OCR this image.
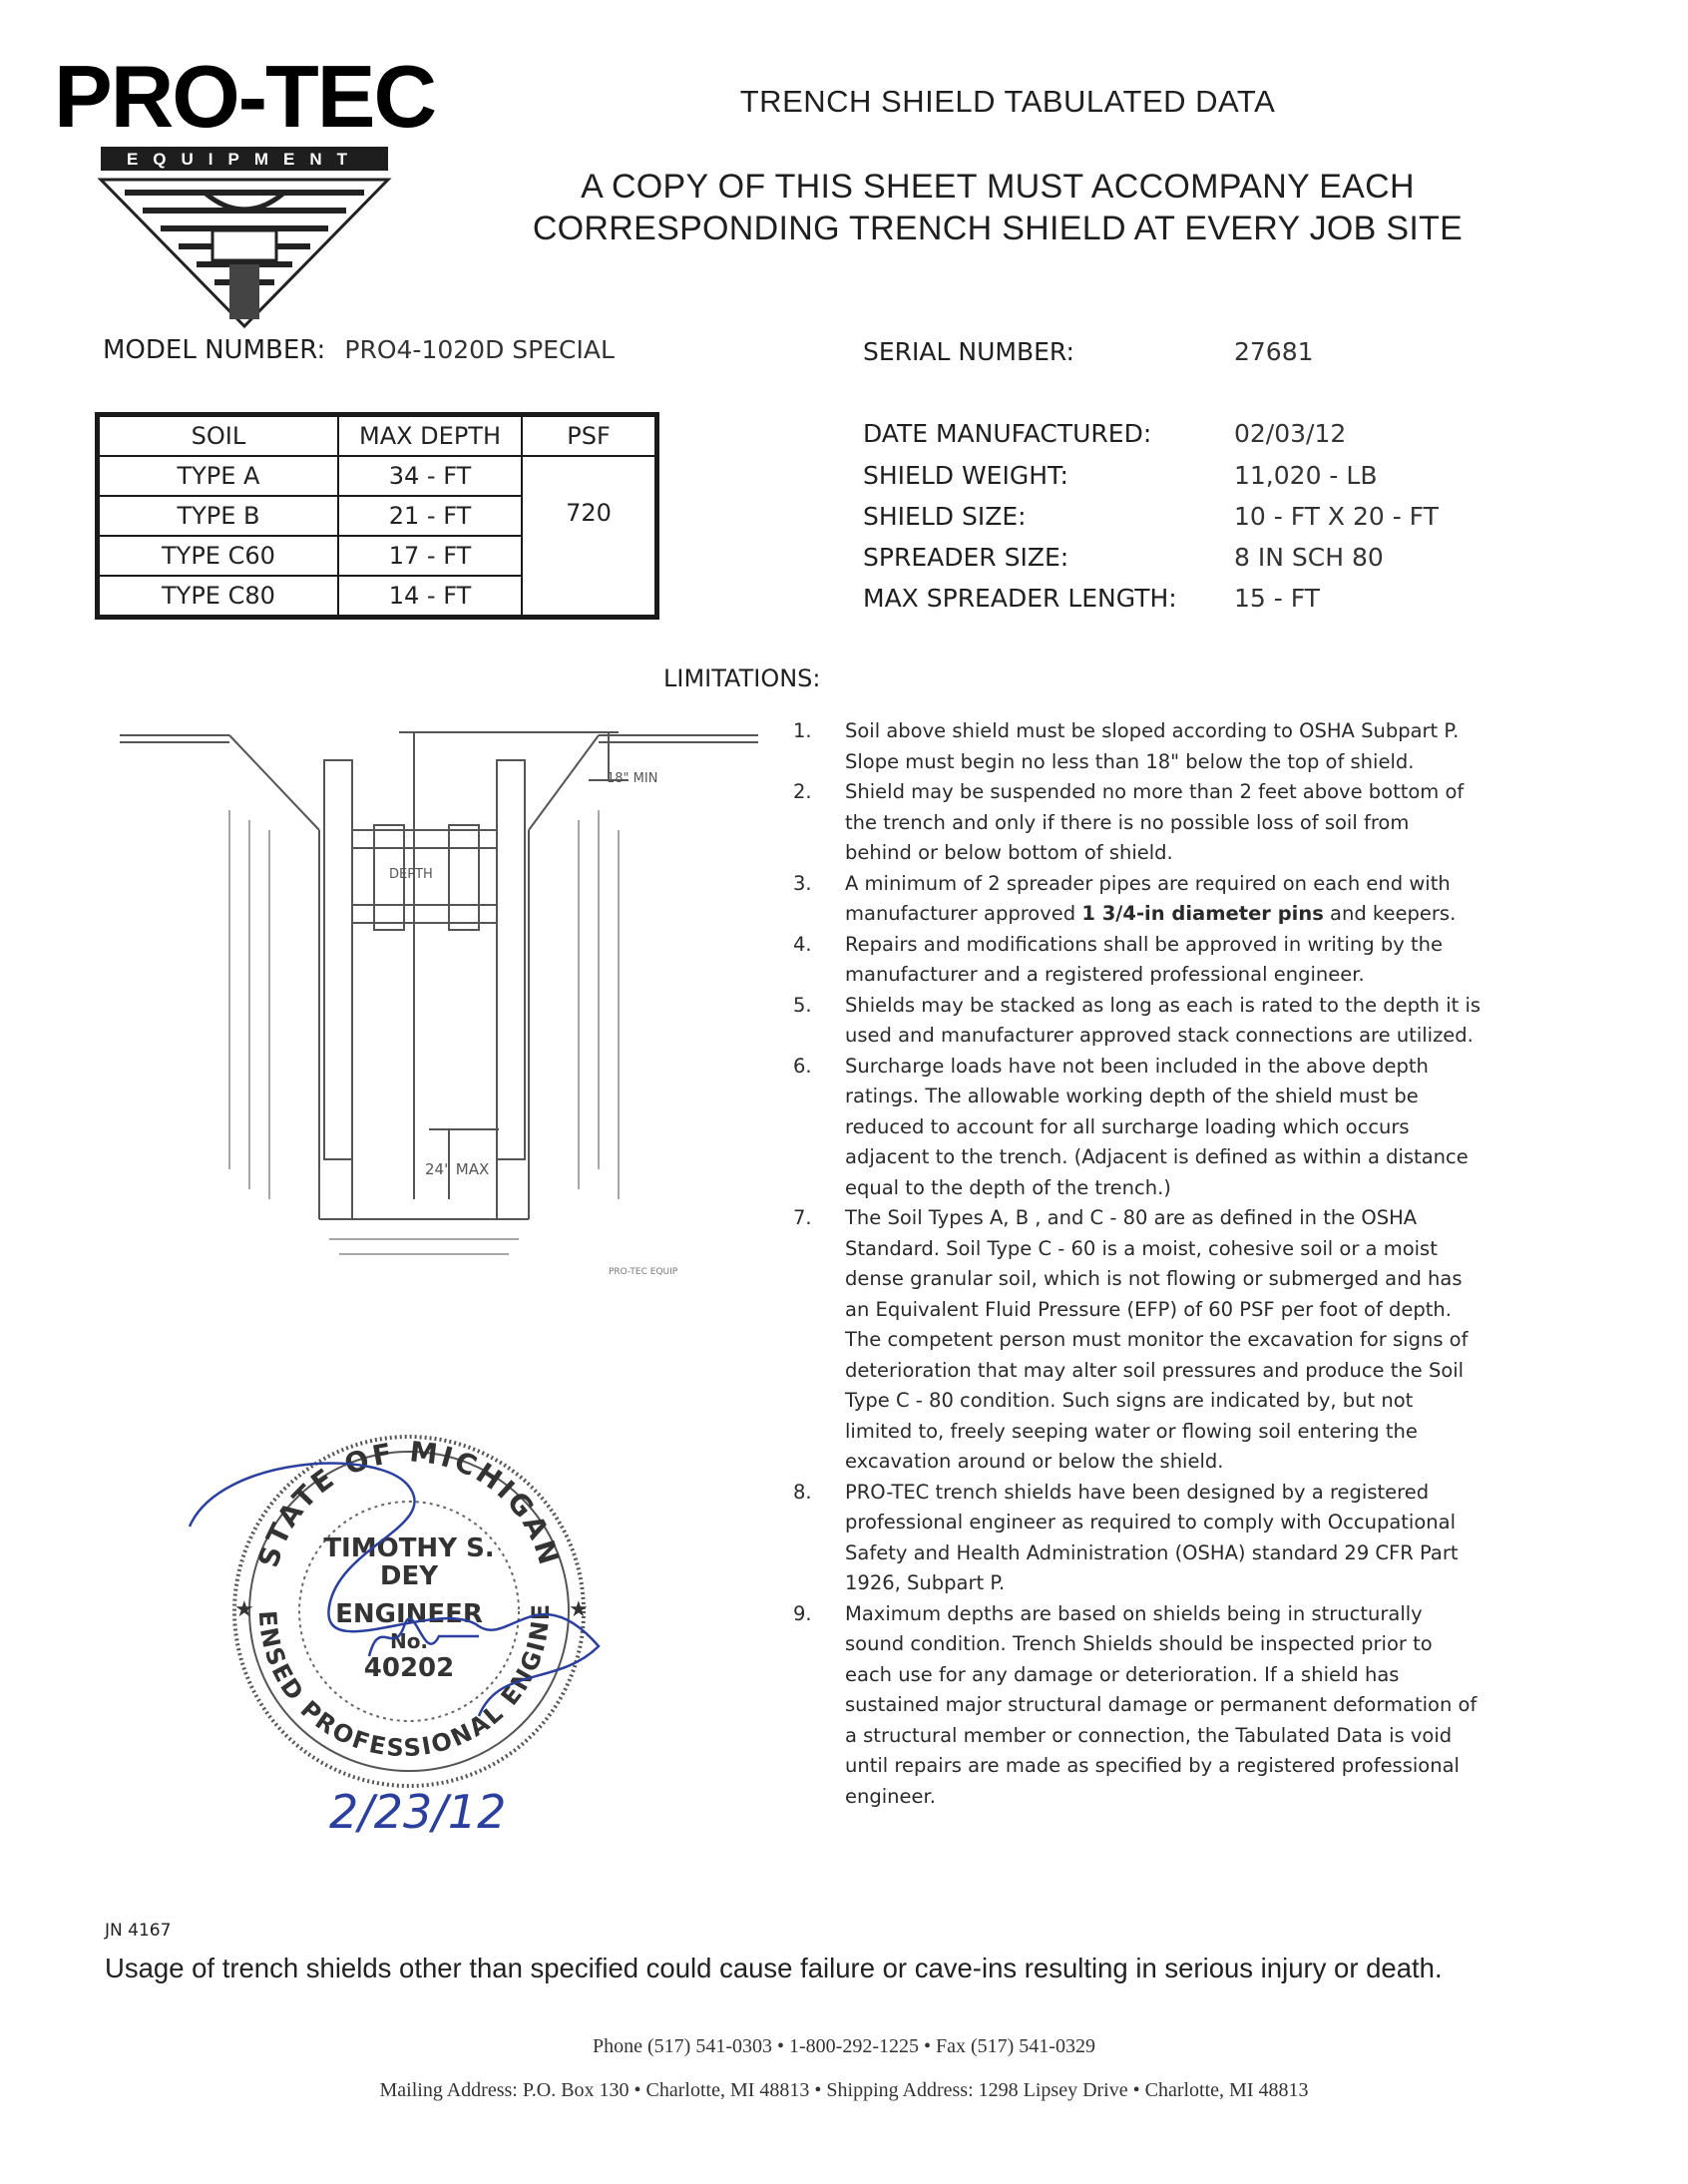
PRO-TEC
EQUIPMENT
TRENCH SHIELD TABULATED DATA
A COPY OF THIS SHEET MUST ACCOMPANY EACH
CORRESPONDING TRENCH SHIELD AT EVERY JOB SITE
MODEL NUMBER: PRO4-1020D SPECIAL	SERIAL NUMBER:	27681
SOIL	MAX DEPTH	PSF
TYPE A	34 - FT	720

TYPE B	21 - FT	
TYPE C60	17 - FT	
TYPE C80	14 - FT	
DATE MANUFACTURED:	02/03/12
SHIELD WEIGHT:	11,020 - LB
SHIELD SIZE:	10 - FT X 20 - FT
SPREADER SIZE:	8 IN SCH 80
MAX SPREADER LENGTH: 15 - FT
LIMITATIONS:
1.	Soil above shield must be sloped according to OSHA Subpart P. Slope must begin no less than 18" below the top of shield.
2.	Shield may be suspended no more than 2 feet above bottom of the trench and only if there is no possible loss of soil from behind or below bottom of shield.
3.	A minimum of 2 spreader pipes are required on each end with manufacturer approved 1 3/4-in diameter pins and keepers.
4.	Repairs and modifications shall be approved in writing by the manufacturer and a registered professional engineer.
5.	Shields may be stacked as long as each is rated to the depth it is used and manufacturer approved stack connections are utilized.
6.	Surcharge loads have not been included in the above depth ratings. The allowable working depth of the shield must be reduced to account for all surcharge loading which occurs adjacent to the trench. (Adjacent is defined as within a distance equal to the depth of the trench.)
7.	The Soil Types A, B , and C - 80 are as defined in the OSHA Standard. Soil Type C - 60 is a moist, cohesive soil or a moist dense granular soil, which is not flowing or submerged and has an Equivalent Fluid Pressure (EFP) of 60 PSF per foot of depth. The competent person must monitor the excavation for signs of deterioration that may alter soil pressures and produce the Soil Type C - 80 condition. Such signs are indicated by, but not limited to, freely seeping water or flowing soil entering the excavation around or below the shield.
8.	PRO-TEC trench shields have been designed by a registered professional engineer as required to comply with Occupational Safety and Health Administration (OSHA) standard 29 CFR Part 1926, Subpart P.
9.	Maximum depths are based on shields being in structurally sound condition. Trench Shields should be inspected prior to each use for any damage or deterioration. If a shield has sustained major structural damage or permanent deformation of a structural member or connection, the Tabulated Data is void until repairs are made as specified by a registered professional engineer.
18" MIN
DEPTH
24" MAX
PRO-TEC EQUIP
STATE OF MICHIGAN
ENSED PROFESSIONAL ENGINE
TIMOTHY S.
DEY
ENGINEER
No.
40202
★	★
2/23/12
JN 4167
Usage of trench shields other than specified could cause failure or cave-ins resulting in serious injury or death.
Phone (517) 541-0303 • 1-800-292-1225 • Fax (517) 541-0329
Mailing Address: P.O. Box 130 • Charlotte, MI 48813 • Shipping Address: 1298 Lipsey Drive • Charlotte, MI 48813
